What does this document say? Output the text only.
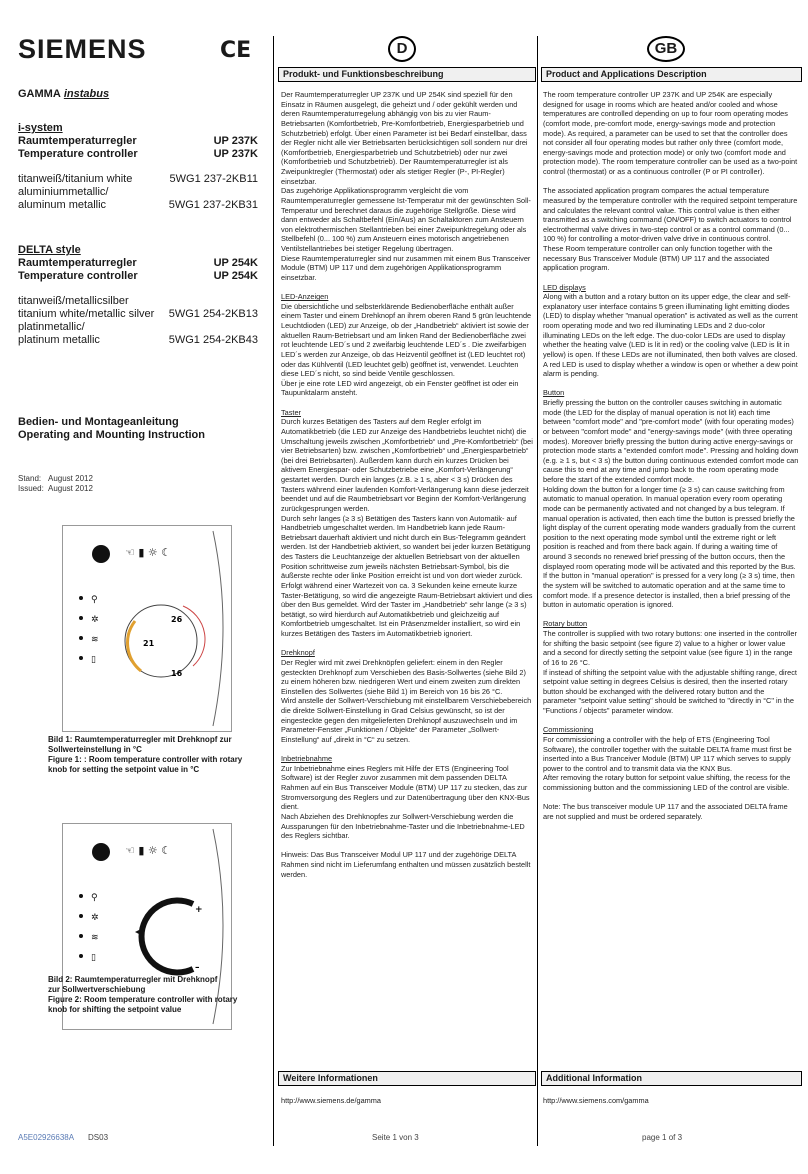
SIEMENS	CE
GAMMA instabus
i-system
Raumtemperaturregler	UP 237K
Temperature controller	UP 237K
titanweiß/titanium white	5WG1 237-2KB11
aluminiummetallic/
aluminum metallic	5WG1 237-2KB31
DELTA style
Raumtemperaturregler	UP 254K
Temperature controller	UP 254K
titanweiß/metallicsilber
titanium white/metallic silver 5WG1 254-2KB13
platinmetallic/
platinum metallic	5WG1 254-2KB43
Bedien- und Montageanleitung
Operating and Mounting Instruction
Stand: August 2012
Issued: August 2012
☜ ▮ ☼ ☾
⚲
✲
≋
▯
26
21
16
Bild 1: Raumtemperaturregler mit Drehknopf zur
Sollwerteinstellung in °C
Figure 1: : Room temperature controller with rotary
knob for setting the setpoint value in °C
☜ ▮ ☼ ☾
⚲
✲
≋
▯
+
–
Bild 2: Raumtemperaturregler mit Drehknopf
zur Sollwertverschiebung
Figure 2: Room temperature controller with rotary
knob for shifting the setpoint value
D	GB
Produkt- und Funktionsbeschreibung

Der Raumtemperaturregler UP 237K und UP 254K sind speziell für den Einsatz in Räumen ausgelegt, die geheizt und / oder gekühlt werden und deren Raumtemperaturregelung abhängig von bis zu vier Raum-Betriebsarten (Komfortbetrieb, Pre-Komfortbetrieb, Energiesparbetrieb und Schutzbetrieb) erfolgt. Über einen Parameter ist bei Bedarf einstellbar, dass der Regler nicht alle vier Betriebsarten berücksichtigen soll sondern nur drei (Komfortbetrieb, Energiesparbetrieb und Schutzbetrieb) oder nur zwei (Komfortbetrieb und Schutzbetrieb). Der Raumtemperaturregler ist als Zweipunktregler (Thermostat) oder als stetiger Regler (P-, PI-Regler) einsetzbar.

Das zugehörige Applikationsprogramm vergleicht die vom Raumtemperaturregler gemessene Ist-Temperatur mit der gewünschten Soll-Temperatur und berechnet daraus die zugehörige Stellgröße. Diese wird dann entweder als Schaltbefehl (Ein/Aus) an Schaltaktoren zum Ansteuern von elektrothermischen Stellantrieben bei einer Zweipunktregelung oder als Stellbefehl (0... 100 %) zum Ansteuern eines motorisch angetriebenen Ventilstellantriebes bei stetiger Regelung übertragen.

Diese Raumtemperaturregler sind nur zusammen mit einem Bus Transceiver Module (BTM) UP 117 und dem zugehörigen Applikationsprogramm einsetzbar.

LED-Anzeigen

Die übersichtliche und selbsterklärende Bedienoberfläche enthält außer einem Taster und einem Drehknopf an ihrem oberen Rand 5 grün leuchtende Leuchtdioden (LED) zur Anzeige, ob der „Handbetrieb“ aktiviert ist sowie der aktuellen Raum-Betriebsart und am linken Rand der Bedienoberfläche zwei rot leuchtende LED´s und 2 zweifarbig leuchtende LED´s . Die zweifarbigen LED´s werden zur Anzeige, ob das Heizventil geöffnet ist (LED leuchtet rot) oder das Kühlventil (LED leuchtet gelb) geöffnet ist, verwendet. Leuchten diese LED´s nicht, so sind beide Ventile geschlossen.

Über je eine rote LED wird angezeigt, ob ein Fenster geöffnet ist oder ein Taupunktalarm ansteht.

Taster

Durch kurzes Betätigen des Tasters auf dem Regler erfolgt im Automatikbetrieb (die LED zur Anzeige des Handbetriebs leuchtet nicht) die Umschaltung jeweils zwischen „Komfortbetrieb“ und „Pre-Komfortbetrieb“ (bei vier Betriebsarten) bzw. zwischen „Komfortbetrieb“ und „Energiesparbetrieb“ (bei drei Betriebsarten). Außerdem kann durch ein kurzes Drücken bei aktivem Energiespar- oder Schutzbetriebe eine „Komfort-Verlängerung“ gestartet werden. Durch ein langes (z.B. ≥ 1 s, aber < 3 s) Drücken des Tasters während einer laufenden Komfort-Verlängerung kann diese jederzeit beendet und auf die Raumbetriebsart vor Beginn der Komfort-Verlängerung zurückgesprungen werden.

Durch sehr langes (≥ 3 s) Betätigen des Tasters kann von Automatik- auf Handbetrieb umgeschaltet werden. Im Handbetrieb kann jede Raum-Betriebsart dauerhaft aktiviert und nicht durch ein Bus-Telegramm geändert werden. Ist der Handbetrieb aktiviert, so wandert bei jeder kurzen Betätigung des Tasters die Leuchtanzeige der aktuellen Betriebsart von der aktuellen Position schrittweise zum jeweils nächsten Betriebsart-Symbol, bis die äußerste rechte oder linke Position erreicht ist und von dort wieder zurück. Erfolgt während einer Wartezeit von ca. 3 Sekunden keine erneute kurze Taster-Betätigung, so wird die angezeigte Raum-Betriebsart aktiviert und dies über den Bus gemeldet. Wird der Taster im „Handbetrieb“ sehr lange (≥ 3 s) betätigt, so wird hierdurch auf Automatikbetrieb und gleichzeitig auf Komfortbetrieb umgeschaltet. Ist ein Präsenzmelder installiert, so wird ein kurzes Betätigen des Tasters im Automatikbetrieb ignoriert.

Drehknopf

Der Regler wird mit zwei Drehknöpfen geliefert: einem in den Regler gesteckten Drehknopf zum Verschieben des Basis-Sollwertes (siehe Bild 2) zu einem höheren bzw. niedrigeren Wert und einem zweiten zum direkten Einstellen des Sollwertes (siehe Bild 1) im Bereich von 16 bis 26 °C.

Wird anstelle der Sollwert-Verschiebung mit einstellbarem Verschiebebereich die direkte Sollwert-Einstellung in Grad Celsius gewünscht, so ist der eingesteckte gegen den mitgelieferten Drehknopf auszuwechseln und im Parameter-Fenster „Funktionen / Objekte“ der Parameter „Sollwert-Einstellung“ auf „direkt in °C“ zu setzen.

Inbetriebnahme

Zur Inbetriebnahme eines Reglers mit Hilfe der ETS (Engineering Tool Software) ist der Regler zuvor zusammen mit dem passenden DELTA Rahmen auf ein Bus Transceiver Module (BTM) UP 117 zu stecken, das zur Stromversorgung des Reglers und zur Datenübertragung über den KNX-Bus dient.

Nach Abziehen des Drehknopfes zur Sollwert-Verschiebung werden die Aussparungen für den Inbetriebnahme-Taster und die Inbetriebnahme-LED des Reglers sichtbar.

Hinweis: Das Bus Transceiver Modul UP 117 und der zugehörige DELTA Rahmen sind nicht im Lieferumfang enthalten und müssen zusätzlich bestellt werden.

Weitere Informationen
http://www.siemens.de/gamma
Product and Applications Description

The room temperature controller UP 237K and UP 254K are especially designed for usage in rooms which are heated and/or cooled and whose temperatures are controlled depending on up to four room operating modes (comfort mode, pre-comfort mode, energy-savings mode and protection mode). As required, a parameter can be used to set that the controller does not consider all four operating modes but rather only three (comfort mode, energy-savings mode and protection mode) or only two (comfort mode and protection mode). The room temperature controller can be used as a two-point control (thermostat) or as a continuous controller (P or PI controller).

The associated application program compares the actual temperature measured by the temperature controller with the required setpoint temperature and calculates the relevant control value. This control value is then either transmitted as a switching command (ON/OFF) to switch actuators to control electrothermal valve drives in two-step control or as a control command (0... 100 %) for controlling a motor-driven valve drive in continuous control.

These Room temperature controller can only function together with the necessary Bus Transceiver Module (BTM) UP 117 and the associated application program.

LED displays

Along with a button and a rotary button on its upper edge, the clear and self-explanatory user interface contains 5 green illuminating light emitting diodes (LED) to display whether "manual operation" is activated as well as the current room operating mode and two red illuminating LEDs and 2 duo-color illuminating LEDs on the left edge. The duo-color LEDs are used to display whether the heating valve (LED is lit in red) or the cooling valve (LED is lit in yellow) is open. If these LEDs are not illuminated, then both valves are closed.

A red LED is used to display whether a window is open or whether a dew point alarm is pending.

Button

Briefly pressing the button on the controller causes switching in automatic mode (the LED for the display of manual operation is not lit) each time between "comfort mode" and "pre-comfort mode" (with four operating modes) or between "comfort mode" and "energy-savings mode" (with three operating modes). Moreover briefly pressing the button during active energy-savings or protection mode starts a "extended comfort mode". Pressing and holding down (e.g. ≥ 1 s, but < 3 s) the button during continuous extended comfort mode can cause this to end at any time and jump back to the room operating mode before the start of the extended comfort mode.

Holding down the button for a longer time (≥ 3 s) can cause switching from automatic to manual operation. In manual operation every room operating mode can be permanently activated and not changed by a bus telegram. If manual operation is activated, then each time the button is pressed briefly the light display of the current operating mode wanders gradually from the current position to the next operating mode symbol until the extreme right or left position is reached and from there back again. If during a waiting time of around 3 seconds no renewed brief pressing of the button occurs, then the displayed room operating mode will be activated and this reported by the Bus. If the button in "manual operation" is pressed for a very long (≥ 3 s) time, then the system will be switched to automatic operation and at the same time to comfort mode. If a presence detector is installed, then a brief pressing of the button in automatic operation is ignored.

Rotary button

The controller is supplied with two rotary buttons: one inserted in the controller for shifting the basic setpoint (see figure 2) value to a higher or lower value and a second for directly setting the setpoint value (see figure 1) in the range of 16 to 26 °C.

If instead of shifting the setpoint value with the adjustable shifting range, direct setpoint value setting in degrees Celsius is desired, then the inserted rotary button should be exchanged with the delivered rotary button and the parameter "setpoint value setting" should be switched to "directly in °C" in the "Functions / objects" parameter window.

Commissioning

For commissioning a controller with the help of ETS (Engineering Tool Software), the controller together with the suitable DELTA frame must first be inserted into a Bus Tranceiver Module (BTM) UP 117 which serves to supply power to the control and to transmit data via the KNX Bus.

After removing the rotary button for setpoint value shifting, the recess for the commissioning button and the commissioning LED of the control are visible.

Note: The bus transceiver module UP 117 and the associated DELTA frame are not supplied and must be ordered separately.

Additional Information
http://www.siemens.com/gamma
A5E02926638A DS03	Seite 1 von 3	page 1 of 3
